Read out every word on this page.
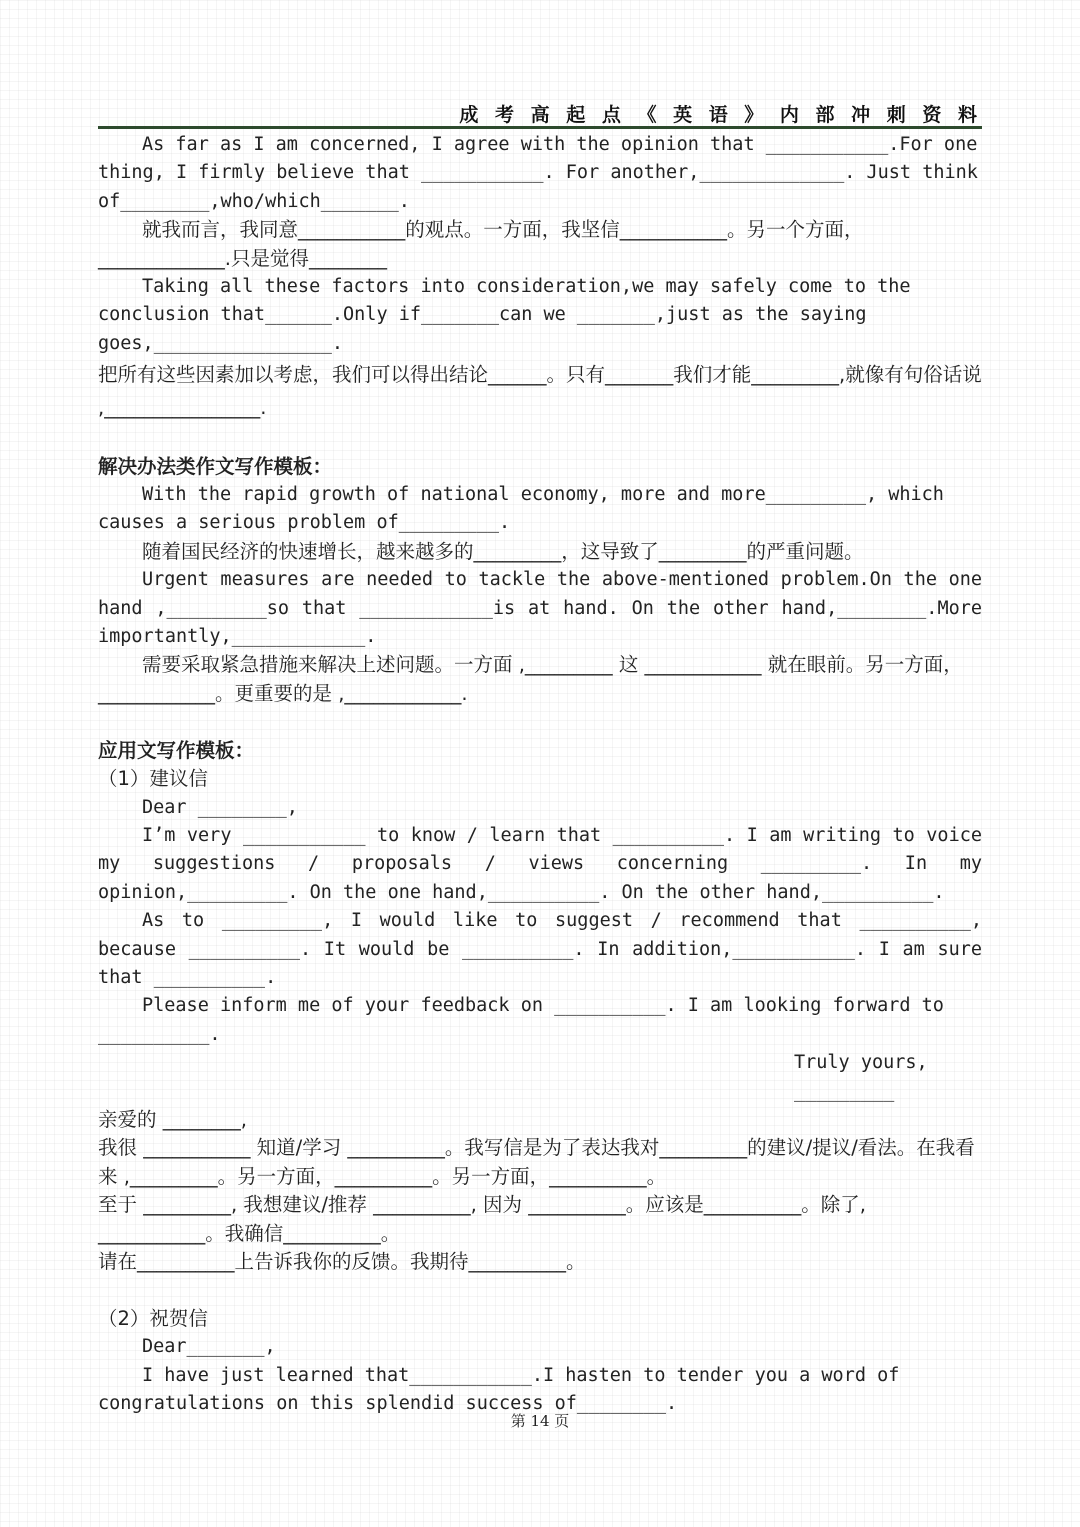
成 考 高 起 点 《 英 语 》 内 部 冲 刺 资 料

As far as I am concerned, I agree with the opinion that ___________.For one thing, I firmly believe that ___________. For another,_____________. Just think of________,who/which_______.

就我而言，我同意___________的观点。一方面，我坚信___________。另一个方面，_____________.只是觉得________

Taking all these factors into consideration,we may safely come to the conclusion that______.Only if_______can we _______,just as the saying goes,________________.

把所有这些因素加以考虑，我们可以得出结论______。只有_______我们才能_________,就像有句俗话说 ,________________.

解决办法类作文写作模板：

With the rapid growth of national economy, more and more_________, which causes a serious problem of_________.

随着国民经济的快速增长，越来越多的_________，这导致了_________的严重问题。

Urgent measures are needed to tackle the above-mentioned problem.On the one hand ,_________so that ____________is at hand. On the other hand,________.More importantly,____________.

需要采取紧急措施来解决上述问题。一方面 ,_________ 这 ____________ 就在眼前。另一方面，____________。更重要的是 ,____________.

应用文写作模板：

（1）建议信

Dear ________,

I’m very ___________ to know / learn that __________. I am writing to voice my suggestions / proposals / views concerning _________. In my opinion,_________. On the one hand,__________. On the other hand,__________.

As to _________, I would like to suggest / recommend that __________, because __________. It would be __________. In addition,___________. I am sure that __________.

Please inform me of your feedback on __________. I am looking forward to __________.

Truly yours,

_________

亲爱的 ________,

我很 ___________ 知道/学习 __________。我写信是为了表达我对_________的建议/提议/看法。在我看来 ,_________。另一方面，__________。另一方面，__________。

至于 _________, 我想建议/推荐 __________, 因为 __________。应该是__________。除了, ___________。我确信__________。

请在__________上告诉我你的反馈。我期待__________。

（2）祝贺信

Dear_______,

I have just learned that___________.I hasten to tender you a word of congratulations on this splendid success of________.

第 14 页
